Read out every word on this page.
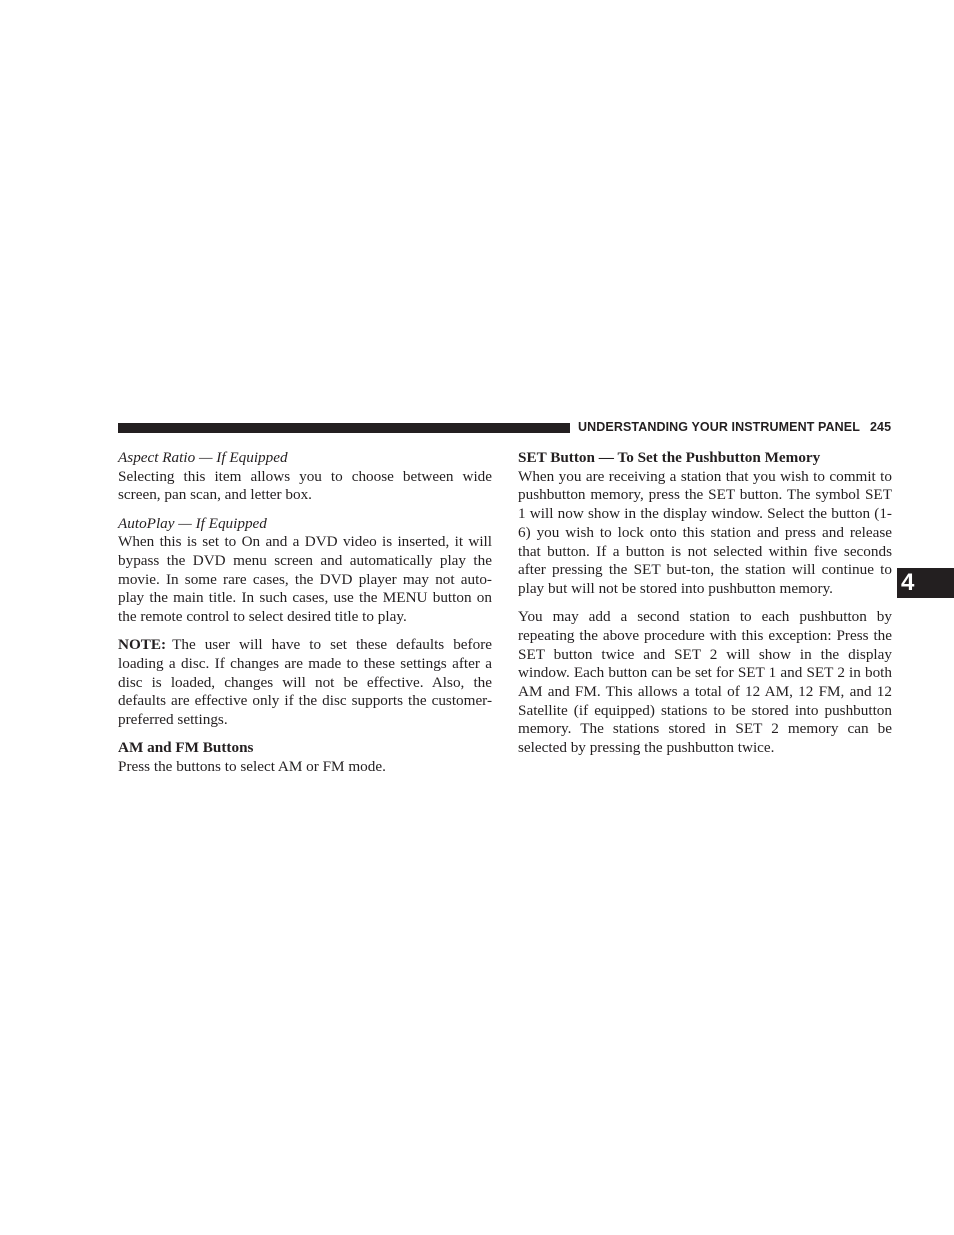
UNDERSTANDING YOUR INSTRUMENT PANEL 245
4
Aspect Ratio — If Equipped

Selecting this item allows you to choose between wide screen, pan scan, and letter box.

AutoPlay — If Equipped

When this is set to On and a DVD video is inserted, it will bypass the DVD menu screen and automatically play the movie. In some rare cases, the DVD player may not auto-play the main title. In such cases, use the MENU button on the remote control to select desired title to play.

NOTE: The user will have to set these defaults before loading a disc. If changes are made to these settings after a disc is loaded, changes will not be effective. Also, the defaults are effective only if the disc supports the customer-preferred settings.

AM and FM Buttons

Press the buttons to select AM or FM mode.

SET Button — To Set the Pushbutton Memory

When you are receiving a station that you wish to commit to pushbutton memory, press the SET button. The symbol SET 1 will now show in the display window. Select the button (1-6) you wish to lock onto this station and press and release that button. If a button is not selected within five seconds after pressing the SET but-ton, the station will continue to play but will not be stored into pushbutton memory.

You may add a second station to each pushbutton by repeating the above procedure with this exception: Press the SET button twice and SET 2 will show in the display window. Each button can be set for SET 1 and SET 2 in both AM and FM. This allows a total of 12 AM, 12 FM, and 12 Satellite (if equipped) stations to be stored into pushbutton memory. The stations stored in SET 2 memory can be selected by pressing the pushbutton twice.
